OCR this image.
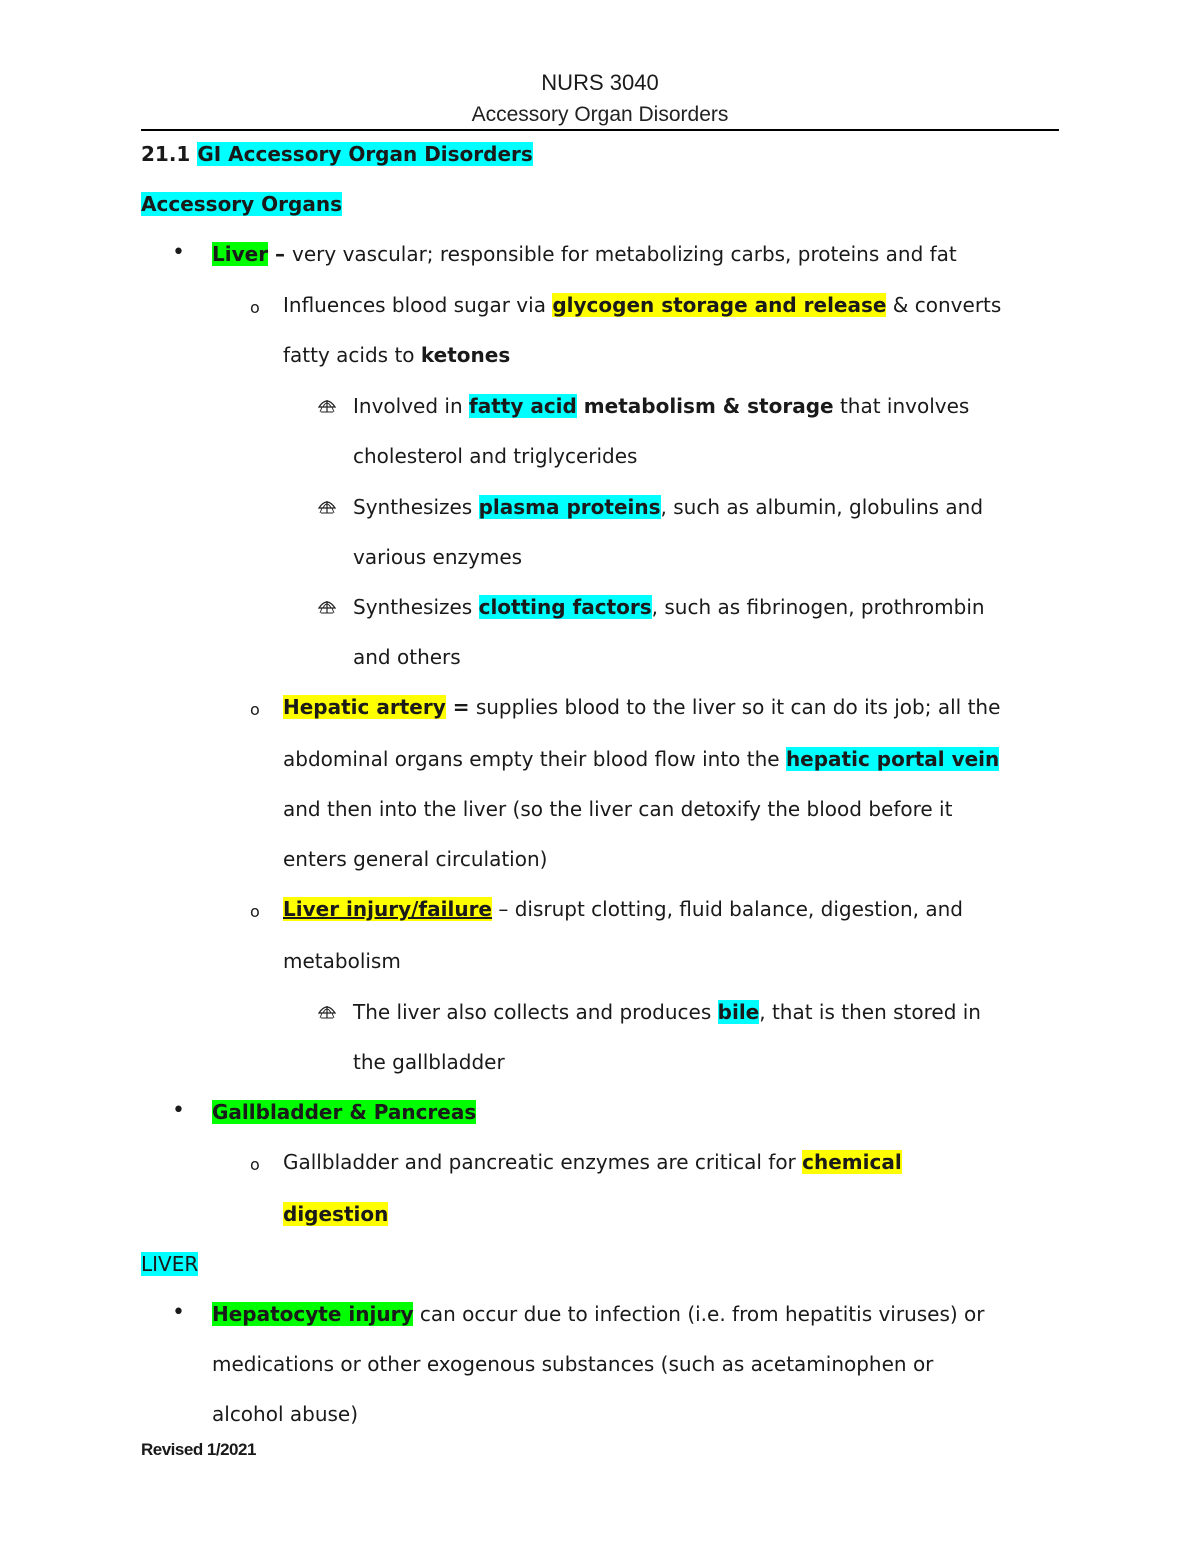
NURS 3040
Accessory Organ Disorders
21.1 GI Accessory Organ Disorders
Accessory Organs
• Liver – very vascular; responsible for metabolizing carbs, proteins and fat
o Influences blood sugar via glycogen storage and release & converts
fatty acids to ketones
Involved in fatty acid metabolism & storage that involves
cholesterol and triglycerides
Synthesizes plasma proteins, such as albumin, globulins and
various enzymes
Synthesizes clotting factors, such as fibrinogen, prothrombin
and others
o Hepatic artery = supplies blood to the liver so it can do its job; all the
abdominal organs empty their blood flow into the hepatic portal vein
and then into the liver (so the liver can detoxify the blood before it
enters general circulation)
o Liver injury/failure – disrupt clotting, fluid balance, digestion, and
metabolism
The liver also collects and produces bile, that is then stored in
the gallbladder
• Gallbladder & Pancreas
o Gallbladder and pancreatic enzymes are critical for chemical
digestion
LIVER
• Hepatocyte injury can occur due to infection (i.e. from hepatitis viruses) or
medications or other exogenous substances (such as acetaminophen or
alcohol abuse)
Revised 1/2021
